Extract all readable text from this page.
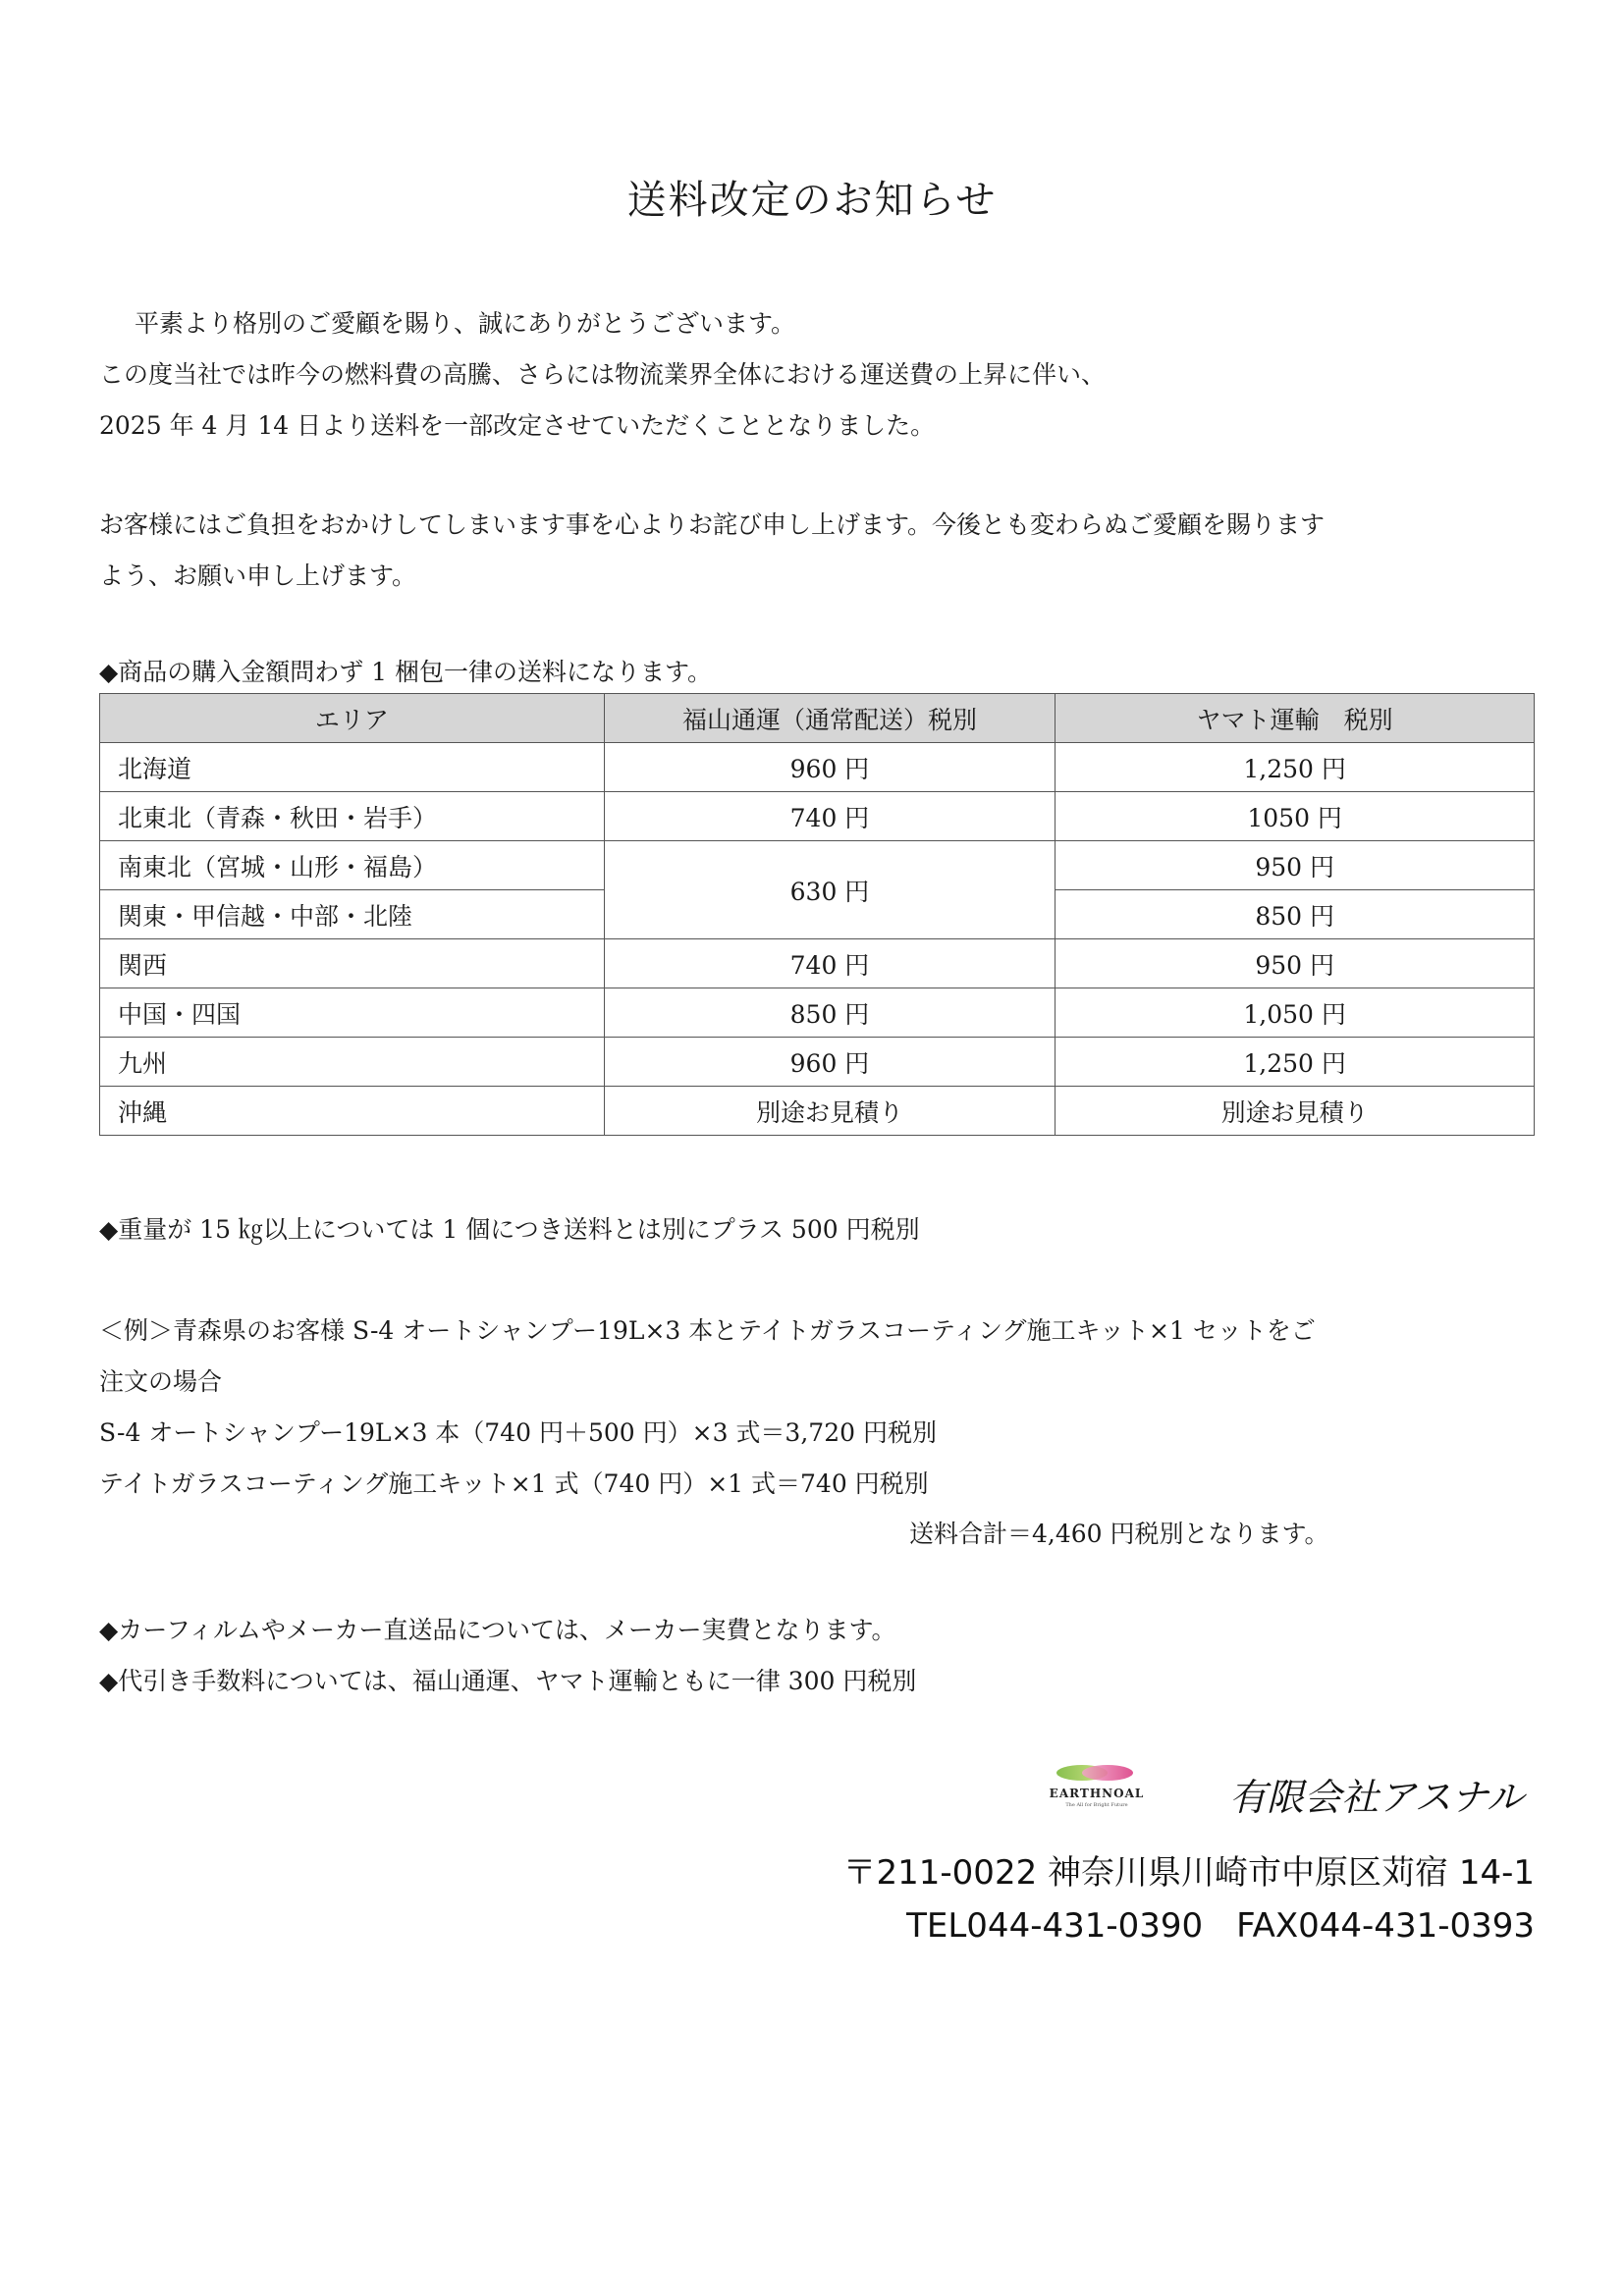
送料改定のお知らせ
平素より格別のご愛顧を賜り、誠にありがとうございます。
この度当社では昨今の燃料費の高騰、さらには物流業界全体における運送費の上昇に伴い、
2025 年 4 月 14 日より送料を一部改定させていただくこととなりました。
お客様にはご負担をおかけしてしまいます事を心よりお詫び申し上げます。今後とも変わらぬご愛顧を賜ります
よう、お願い申し上げます。
◆商品の購入金額問わず 1 梱包一律の送料になります。
エリア	福山通運（通常配送）税別	ヤマト運輸　税別
北海道	960 円	1,250 円
北東北（青森・秋田・岩手）	740 円	1050 円
南東北（宮城・山形・福島）	630 円	950 円
関東・甲信越・中部・北陸		850 円
関西	740 円	950 円
中国・四国	850 円	1,050 円
九州	960 円	1,250 円
沖縄	別途お見積り	別途お見積り
◆重量が 15 ㎏以上については 1 個につき送料とは別にプラス 500 円税別
＜例＞青森県のお客様 S-4 オートシャンプー19L×3 本とテイトガラスコーティング施工キット×1 セットをご
注文の場合
S-4 オートシャンプー19L×3 本（740 円＋500 円）×3 式＝3,720 円税別
テイトガラスコーティング施工キット×1 式（740 円）×1 式＝740 円税別
送料合計＝4,460 円税別となります。
◆カーフィルムやメーカー直送品については、メーカー実費となります。
◆代引き手数料については、福山通運、ヤマト運輸ともに一律 300 円税別
EARTHNOAL
The All for Bright Future	有限会社アスナル
〒211-0022 神奈川県川崎市中原区苅宿 14-1
TEL044-431-0390　FAX044-431-0393
